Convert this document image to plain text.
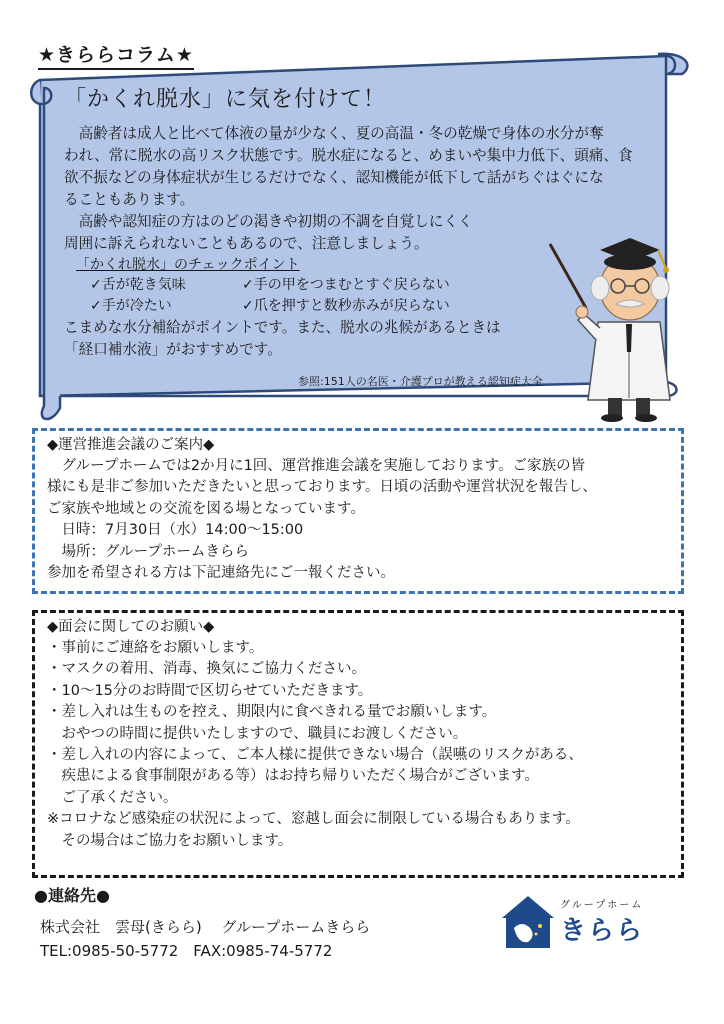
★きららコラム★
「かくれ脱水」に気を付けて！

高齢者は成人と比べて体液の量が少なく、夏の高温・冬の乾燥で身体の水分が奪

われ、常に脱水の高リスク状態です。脱水症になると、めまいや集中力低下、頭痛、食

欲不振などの身体症状が生じるだけでなく、認知機能が低下して話がちぐはぐにな

ることもあります。

高齢や認知症の方はのどの渇きや初期の不調を自覚しにくく

周囲に訴えられないこともあるので、注意しましょう。

「かくれ脱水」のチェックポイント
✓舌が乾き気味	✓手の甲をつまむとすぐ戻らない
✓手が冷たい	✓爪を押すと数秒赤みが戻らない

こまめな水分補給がポイントです。また、脱水の兆候があるときは

「経口補水液」がおすすめです。

参照:151人の名医・介護プロが教える認知症大全
◆運営推進会議のご案内◆
　グループホームでは2か月に1回、運営推進会議を実施しております。ご家族の皆
様にも是非ご参加いただきたいと思っております。日頃の活動や運営状況を報告し、
ご家族や地域との交流を図る場となっています。
　日時：7月30日（水）14:00～15:00
　場所：グループホームきらら
参加を希望される方は下記連絡先にご一報ください。
◆面会に関してのお願い◆
・事前にご連絡をお願いします。
・マスクの着用、消毒、換気にご協力ください。
・10～15分のお時間で区切らせていただきます。
・差し入れは生ものを控え、期限内に食べきれる量でお願いします。
　おやつの時間に提供いたしますので、職員にお渡しください。
・差し入れの内容によって、ご本人様に提供できない場合（誤嚥のリスクがある、
　疾患による食事制限がある等）はお持ち帰りいただく場合がございます。
　ご了承ください。
※コロナなど感染症の状況によって、窓越し面会に制限している場合もあります。
　その場合はご協力をお願いします。
●連絡先●
株式会社　雲母(きらら)　 グループホームきらら
TEL:0985-50-5772　FAX:0985-74-5772
グループホーム
きらら
